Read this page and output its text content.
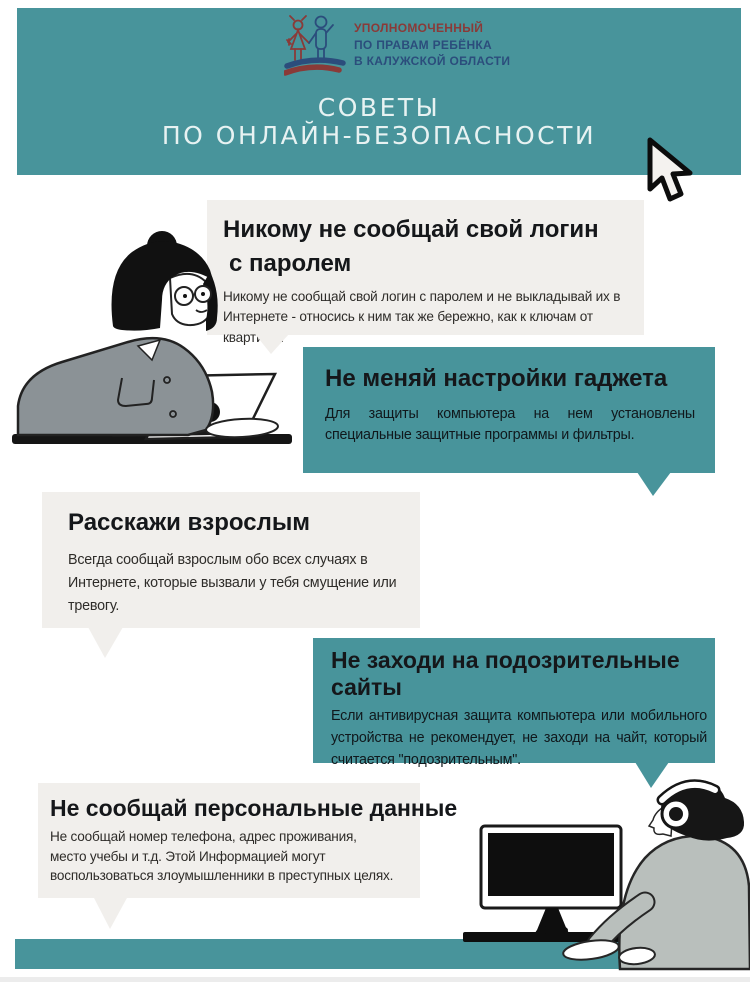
УПОЛНОМОЧЕННЫЙ
ПО ПРАВАМ РЕБЁНКА
В КАЛУЖСКОЙ ОБЛАСТИ
СОВЕТЫ
ПО ОНЛАЙН-БЕЗОПАСНОСТИ
Никому не сообщай свой логин
с паролем
Никому не сообщай свой логин с паролем и не выкладывай их в Интернете - относись к ним так же бережно, как к ключам от квартиры.
Не меняй настройки гаджета
Для защиты компьютера на нем установлены специальные защитные программы и фильтры.
Расскажи взрослым
Всегда сообщай взрослым обо всех случаях в Интернете, которые вызвали у тебя смущение или тревогу.
Не заходи на подозрительные
сайты
Если антивирусная защита компьютера или мобильного устройства не рекомендует, не заходи на чайт, который считается "подозрительным".
Не сообщай персональные данные
Не сообщай номер телефона, адрес проживания, место учебы и т.д. Этой Информацией могут воспользоваться злоумышленники в преступных целях.
